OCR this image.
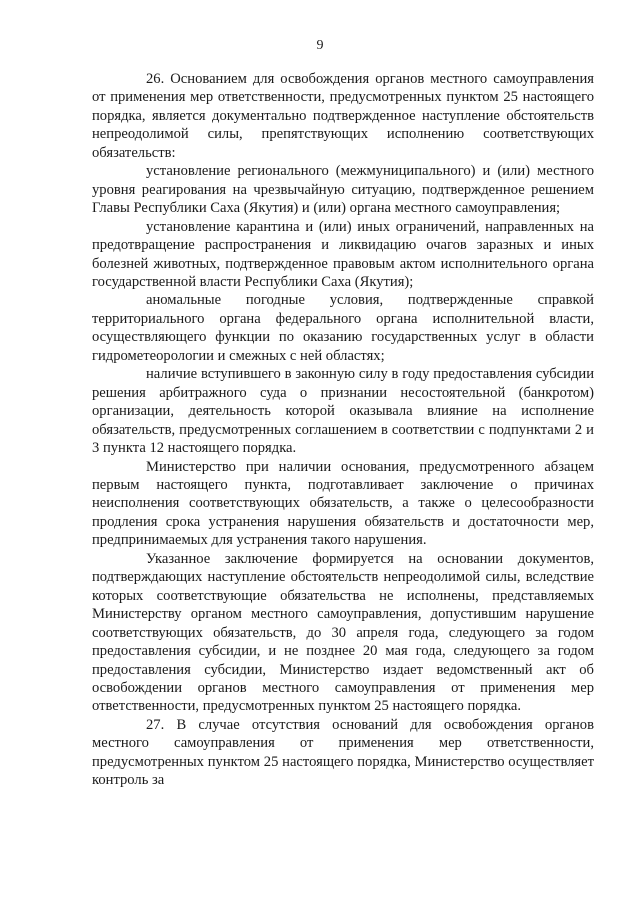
9

26. Основанием для освобождения органов местного самоуправления от применения мер ответственности, предусмотренных пунктом 25 настоящего порядка, является документально подтвержденное наступление обстоятельств непреодолимой силы, препятствующих исполнению соответствующих обязательств:

установление регионального (межмуниципального) и (или) местного уровня реагирования на чрезвычайную ситуацию, подтвержденное решением Главы Республики Саха (Якутия) и (или) органа местного самоуправления;

установление карантина и (или) иных ограничений, направленных на предотвращение распространения и ликвидацию очагов заразных и иных болезней животных, подтвержденное правовым актом исполнительного органа государственной власти Республики Саха (Якутия);

аномальные погодные условия, подтвержденные справкой территориального органа федерального органа исполнительной власти, осуществляющего функции по оказанию государственных услуг в области гидрометеорологии и смежных с ней областях;

наличие вступившего в законную силу в году предоставления субсидии решения арбитражного суда о признании несостоятельной (банкротом) организации, деятельность которой оказывала влияние на исполнение обязательств, предусмотренных соглашением в соответствии с подпунктами 2 и 3 пункта 12 настоящего порядка.

Министерство при наличии основания, предусмотренного абзацем первым настоящего пункта, подготавливает заключение о причинах неисполнения соответствующих обязательств, а также о целесообразности продления срока устранения нарушения обязательств и достаточности мер, предпринимаемых для устранения такого нарушения.

Указанное заключение формируется на основании документов, подтверждающих наступление обстоятельств непреодолимой силы, вследствие которых соответствующие обязательства не исполнены, представляемых Министерству органом местного самоуправления, допустившим нарушение соответствующих обязательств, до 30 апреля года, следующего за годом предоставления субсидии, и не позднее 20 мая года, следующего за годом предоставления субсидии, Министерство издает ведомственный акт об освобождении органов местного самоуправления от применения мер ответственности, предусмотренных пунктом 25 настоящего порядка.

27. В случае отсутствия оснований для освобождения органов местного самоуправления от применения мер ответственности, предусмотренных пунктом 25 настоящего порядка, Министерство осуществляет контроль за
